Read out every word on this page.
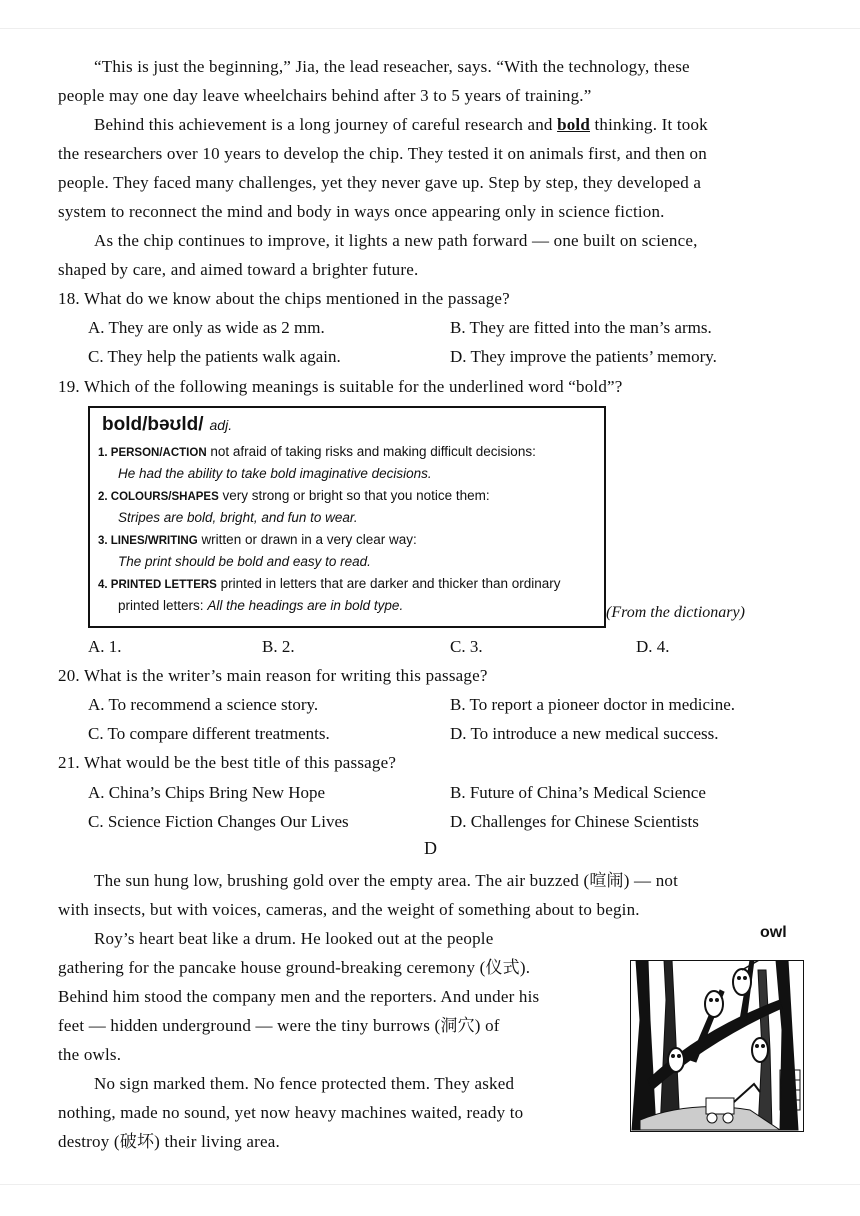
“This is just the beginning,” Jia, the lead reseacher, says. “With the technology, these
people may one day leave wheelchairs behind after 3 to 5 years of training.”
Behind this achievement is a long journey of careful research and bold thinking. It took
the researchers over 10 years to develop the chip. They tested it on animals first, and then on
people. They faced many challenges, yet they never gave up. Step by step, they developed a
system to reconnect the mind and body in ways once appearing only in science fiction.
As the chip continues to improve, it lights a new path forward — one built on science,
shaped by care, and aimed toward a brighter future.
18. What do we know about the chips mentioned in the passage?
A. They are only as wide as 2 mm.	B. They are fitted into the man’s arms.
C. They help the patients walk again.	D. They improve the patients’ memory.
19. Which of the following meanings is suitable for the underlined word “bold”?
bold/bəʊld/ adj.
1. PERSON/ACTION not afraid of taking risks and making difficult decisions:
He had the ability to take bold imaginative decisions.
2. COLOURS/SHAPES very strong or bright so that you notice them:
Stripes are bold, bright, and fun to wear.
3. LINES/WRITING written or drawn in a very clear way:
The print should be bold and easy to read.
4. PRINTED LETTERS printed in letters that are darker and thicker than ordinary
printed letters: All the headings are in bold type.	(From the dictionary)
A. 1.	B. 2.	C. 3.	D. 4.
20. What is the writer’s main reason for writing this passage?
A. To recommend a science story.	B. To report a pioneer doctor in medicine.
C. To compare different treatments.	D. To introduce a new medical success.
21. What would be the best title of this passage?
A. China’s Chips Bring New Hope	B. Future of China’s Medical Science
C. Science Fiction Changes Our Lives	D. Challenges for Chinese Scientists
D
The sun hung low, brushing gold over the empty area. The air buzzed (喧闹) — not
with insects, but with voices, cameras, and the weight of something about to begin.
Roy’s heart beat like a drum. He looked out at the people
gathering for the pancake house ground-breaking ceremony (仪式).
Behind him stood the company men and the reporters. And under his
feet — hidden underground — were the tiny burrows (洞穴) of
the owls.
No sign marked them. No fence protected them. They asked
nothing, made no sound, yet now heavy machines waited, ready to
destroy (破坏) their living area.
owl
